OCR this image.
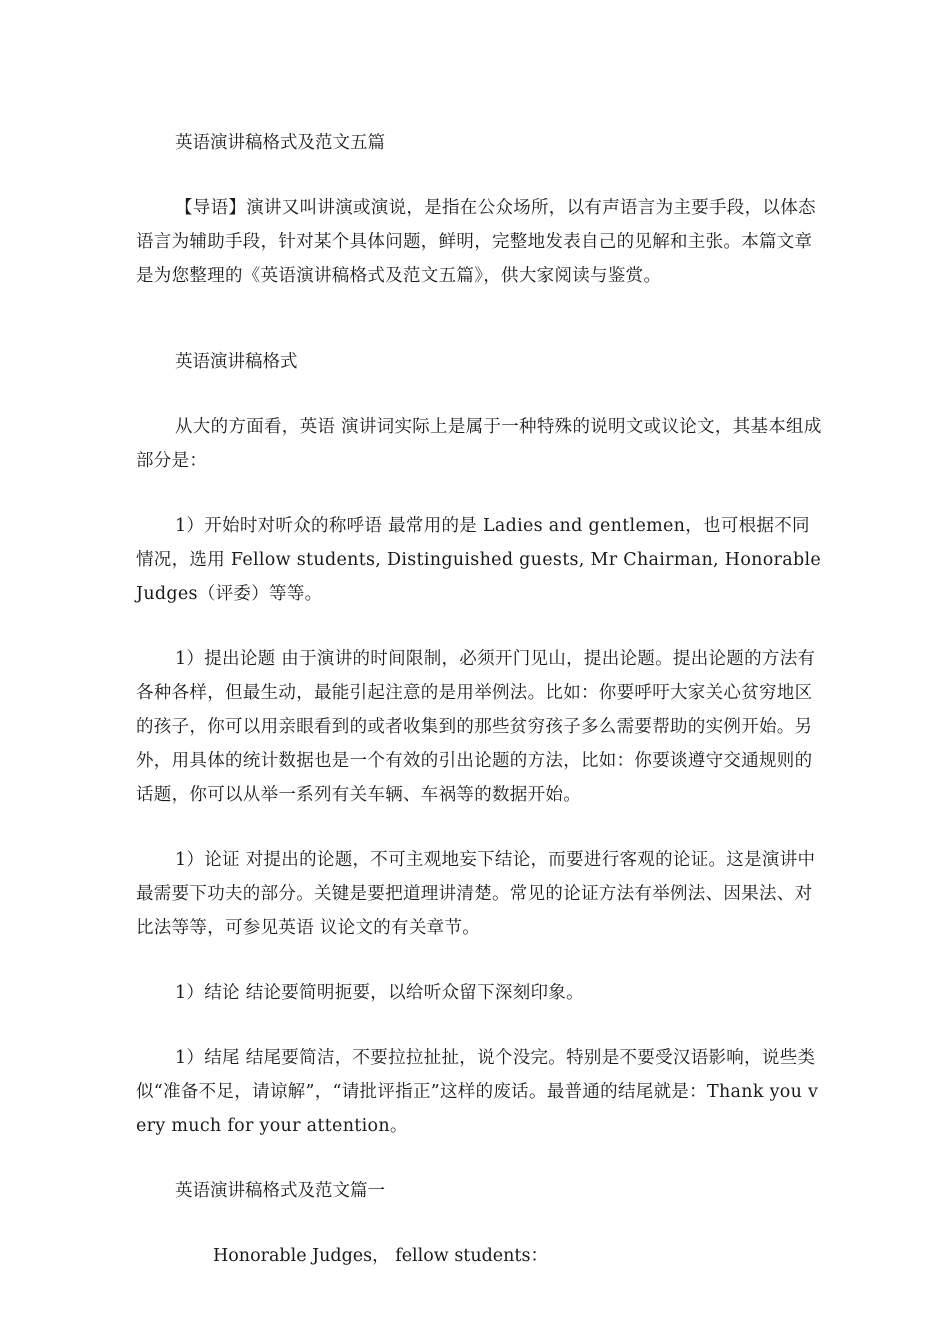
英语演讲稿格式及范文五篇

【导语】演讲又叫讲演或演说，是指在公众场所，以有声语言为主要手段，以体态语言为辅助手段，针对某个具体问题，鲜明，完整地发表自己的见解和主张。本篇文章是为您整理的《英语演讲稿格式及范文五篇》，供大家阅读与鉴赏。

英语演讲稿格式

从大的方面看，英语 演讲词实际上是属于一种特殊的说明文或议论文，其基本组成部分是：

1）开始时对听众的称呼语 最常用的是 Ladies and gentlemen，也可根据不同情况，选用 Fellow students, Distinguished guests, Mr Chairman, Honorable Judges（评委）等等。

1）提出论题 由于演讲的时间限制，必须开门见山，提出论题。提出论题的方法有各种各样，但最生动，最能引起注意的是用举例法。比如：你要呼吁大家关心贫穷地区的孩子，你可以用亲眼看到的或者收集到的那些贫穷孩子多么需要帮助的实例开始。另外，用具体的统计数据也是一个有效的引出论题的方法，比如：你要谈遵守交通规则的话题，你可以从举一系列有关车辆、车祸等的数据开始。

1）论证 对提出的论题，不可主观地妄下结论，而要进行客观的论证。这是演讲中最需要下功夫的部分。关键是要把道理讲清楚。常见的论证方法有举例法、因果法、对比法等等，可参见英语 议论文的有关章节。

1）结论 结论要简明扼要，以给听众留下深刻印象。

1）结尾 结尾要简洁，不要拉拉扯扯，说个没完。特别是不要受汉语影响，说些类似“准备不足，请谅解”，“请批评指正”这样的废话。最普通的结尾就是：Thank you very much for your attention。

英语演讲稿格式及范文篇一

Honorable Judges， fellow students：
